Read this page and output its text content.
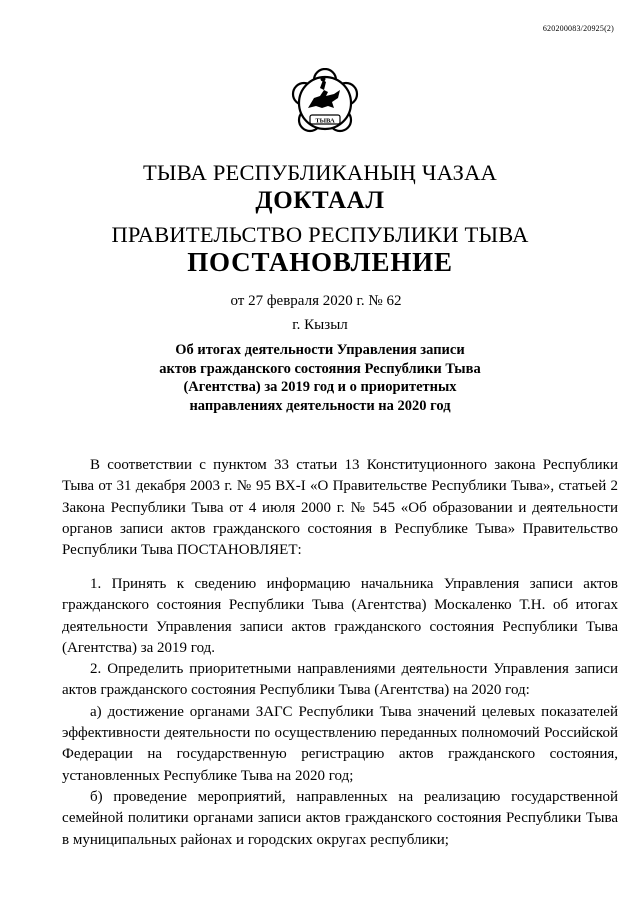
620200083/20925(2)
ТЫВА
ТЫВА РЕСПУБЛИКАНЫҢ ЧАЗАА
ДОКТААЛ
ПРАВИТЕЛЬСТВО РЕСПУБЛИКИ ТЫВА
ПОСТАНОВЛЕНИЕ
от 27 февраля 2020 г. № 62
г. Кызыл
Об итогах деятельности Управления записи
актов гражданского состояния Республики Тыва
(Агентства) за 2019 год и о приоритетных
направлениях деятельности на 2020 год

В соответствии с пунктом 33 статьи 13 Конституционного закона Республики Тыва от 31 декабря 2003 г. № 95 ВХ-I «О Правительстве Республики Тыва», статьей 2 Закона Республики Тыва от 4 июля 2000 г. № 545 «Об образовании и деятельности органов записи актов гражданского состояния в Республике Тыва» Правительство Республики Тыва ПОСТАНОВЛЯЕТ:

1. Принять к сведению информацию начальника Управления записи актов гражданского состояния Республики Тыва (Агентства) Москаленко Т.Н. об итогах деятельности Управления записи актов гражданского состояния Республики Тыва (Агентства) за 2019 год.

2. Определить приоритетными направлениями деятельности Управления записи актов гражданского состояния Республики Тыва (Агентства) на 2020 год:

а) достижение органами ЗАГС Республики Тыва значений целевых показателей эффективности деятельности по осуществлению переданных полномочий Российской Федерации на государственную регистрацию актов гражданского состояния, установленных Республике Тыва на 2020 год;

б) проведение мероприятий, направленных на реализацию государственной семейной политики органами записи актов гражданского состояния Республики Тыва в муниципальных районах и городских округах республики;
